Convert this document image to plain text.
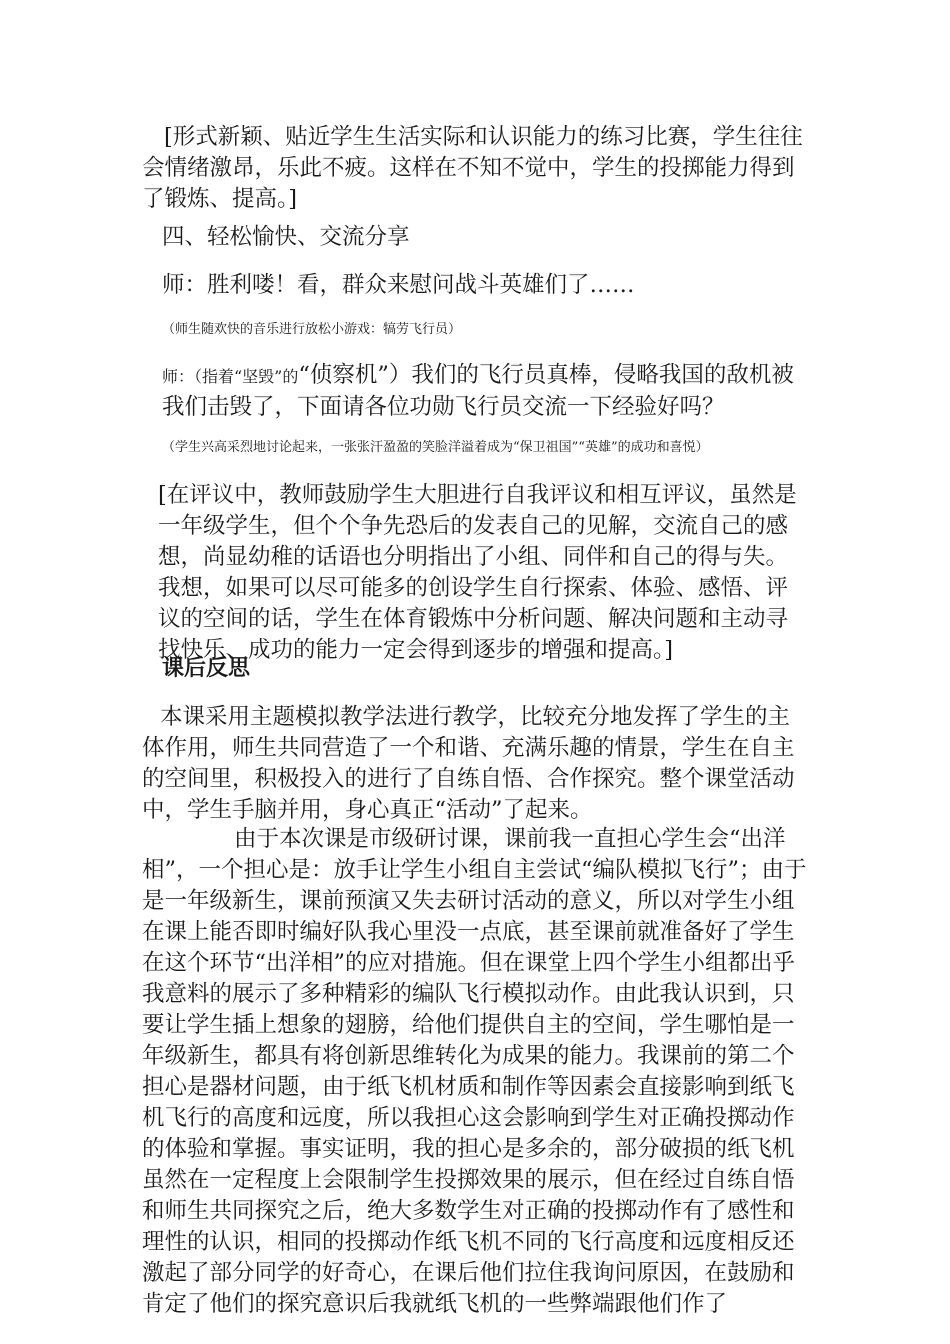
[形式新颖、贴近学生生活实际和认识能力的练习比赛，学生往往会情绪激昂，乐此不疲。这样在不知不觉中，学生的投掷能力得到了锻炼、提高。]

四、轻松愉快、交流分享

师：胜利喽！看，群众来慰问战斗英雄们了……

（师生随欢快的音乐进行放松小游戏：犒劳飞行员）

师：（指着“坚毁”的“侦察机”）我们的飞行员真棒，侵略我国的敌机被我们击毁了，下面请各位功勋飞行员交流一下经验好吗？

（学生兴高采烈地讨论起来，一张张汗盈盈的笑脸洋溢着成为“保卫祖国”“英雄”的成功和喜悦）

[在评议中，教师鼓励学生大胆进行自我评议和相互评议，虽然是一年级学生，但个个争先恐后的发表自己的见解，交流自己的感想，尚显幼稚的话语也分明指出了小组、同伴和自己的得与失。我想，如果可以尽可能多的创设学生自行探索、体验、感悟、评议的空间的话，学生在体育锻炼中分析问题、解决问题和主动寻找快乐、成功的能力一定会得到逐步的增强和提高。]

课后反思

本课采用主题模拟教学法进行教学，比较充分地发挥了学生的主体作用，师生共同营造了一个和谐、充满乐趣的情景，学生在自主的空间里，积极投入的进行了自练自悟、合作探究。整个课堂活动中，学生手脑并用，身心真正“活动”了起来。

由于本次课是市级研讨课，课前我一直担心学生会“出洋相”，一个担心是：放手让学生小组自主尝试“编队模拟飞行”；由于是一年级新生，课前预演又失去研讨活动的意义，所以对学生小组在课上能否即时编好队我心里没一点底，甚至课前就准备好了学生在这个环节“出洋相”的应对措施。但在课堂上四个学生小组都出乎我意料的展示了多种精彩的编队飞行模拟动作。由此我认识到，只要让学生插上想象的翅膀，给他们提供自主的空间，学生哪怕是一年级新生，都具有将创新思维转化为成果的能力。我课前的第二个担心是器材问题，由于纸飞机材质和制作等因素会直接影响到纸飞机飞行的高度和远度，所以我担心这会影响到学生对正确投掷动作的体验和掌握。事实证明，我的担心是多余的，部分破损的纸飞机虽然在一定程度上会限制学生投掷效果的展示，但在经过自练自悟和师生共同探究之后，绝大多数学生对正确的投掷动作有了感性和理性的认识，相同的投掷动作纸飞机不同的飞行高度和远度相反还激起了部分同学的好奇心，在课后他们拉住我询问原因，在鼓励和肯定了他们的探究意识后我就纸飞机的一些弊端跟他们作了
